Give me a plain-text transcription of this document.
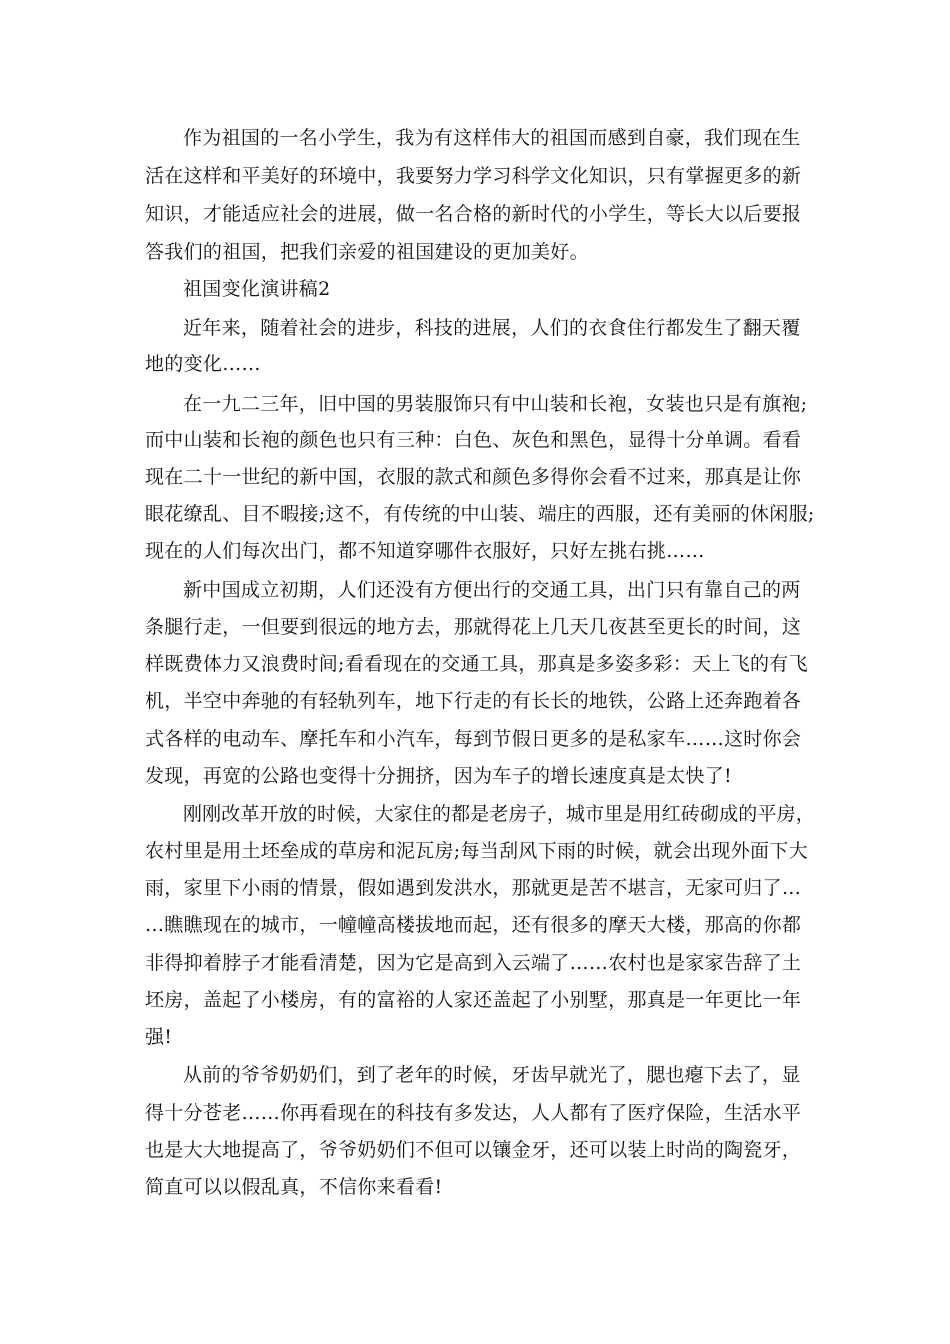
作为祖国的一名小学生，我为有这样伟大的祖国而感到自豪，我们现在生
活在这样和平美好的环境中，我要努力学习科学文化知识，只有掌握更多的新
知识，才能适应社会的进展，做一名合格的新时代的小学生，等长大以后要报
答我们的祖国，把我们亲爱的祖国建设的更加美好。
祖国变化演讲稿2
近年来，随着社会的进步，科技的进展，人们的衣食住行都发生了翻天覆
地的变化……
在一九二三年，旧中国的男装服饰只有中山装和长袍，女装也只是有旗袍;
而中山装和长袍的颜色也只有三种：白色、灰色和黑色，显得十分单调。看看
现在二十一世纪的新中国，衣服的款式和颜色多得你会看不过来，那真是让你
眼花缭乱、目不暇接;这不，有传统的中山装、端庄的西服，还有美丽的休闲服;
现在的人们每次出门，都不知道穿哪件衣服好，只好左挑右挑……
新中国成立初期，人们还没有方便出行的交通工具，出门只有靠自己的两
条腿行走，一但要到很远的地方去，那就得花上几天几夜甚至更长的时间，这
样既费体力又浪费时间;看看现在的交通工具，那真是多姿多彩：天上飞的有飞
机，半空中奔驰的有轻轨列车，地下行走的有长长的地铁，公路上还奔跑着各
式各样的电动车、摩托车和小汽车，每到节假日更多的是私家车……这时你会
发现，再宽的公路也变得十分拥挤，因为车子的增长速度真是太快了!
刚刚改革开放的时候，大家住的都是老房子，城市里是用红砖砌成的平房，
农村里是用土坯垒成的草房和泥瓦房;每当刮风下雨的时候，就会出现外面下大
雨，家里下小雨的情景，假如遇到发洪水，那就更是苦不堪言，无家可归了…
…瞧瞧现在的城市，一幢幢高楼拔地而起，还有很多的摩天大楼，那高的你都
非得抑着脖子才能看清楚，因为它是高到入云端了……农村也是家家告辞了土
坯房，盖起了小楼房，有的富裕的人家还盖起了小别墅，那真是一年更比一年
强!
从前的爷爷奶奶们，到了老年的时候，牙齿早就光了，腮也瘪下去了，显
得十分苍老……你再看现在的科技有多发达，人人都有了医疗保险，生活水平
也是大大地提高了，爷爷奶奶们不但可以镶金牙，还可以装上时尚的陶瓷牙，
简直可以以假乱真，不信你来看看!
